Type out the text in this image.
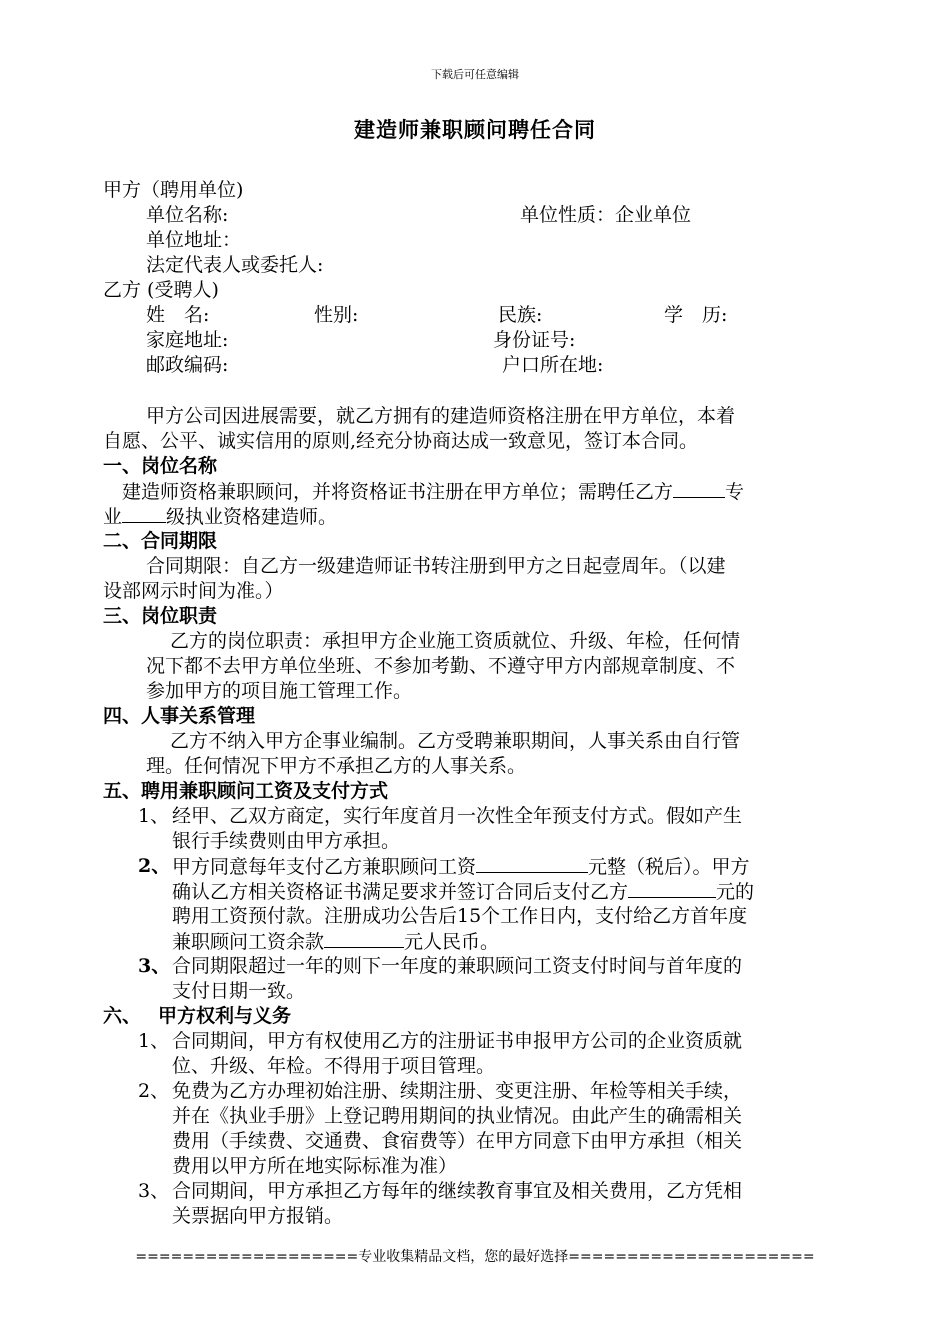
下载后可任意编辑
建造师兼职顾问聘任合同
甲方（聘用单位)
单位名称:	单位性质：企业单位
单位地址：
法定代表人或委托人:
乙方 (受聘人)
姓　名:	性别:	民族:	学　历:
家庭地址:	身份证号:
邮政编码:	户口所在地:
甲方公司因进展需要，就乙方拥有的建造师资格注册在甲方单位，本着
自愿、公平、诚实信用的原则,经充分协商达成一致意见，签订本合同。
一、岗位名称
建造师资格兼职顾问，并将资格证书注册在甲方单位；需聘任乙方	专
业 级执业资格建造师。
二、合同期限
合同期限：自乙方一级建造师证书转注册到甲方之日起壹周年。（以建
设部网示时间为准。）
三、岗位职责
乙方的岗位职责：承担甲方企业施工资质就位、升级、年检，任何情
况下都不去甲方单位坐班、不参加考勤、不遵守甲方内部规章制度、不
参加甲方的项目施工管理工作。
四、人事关系管理
乙方不纳入甲方企事业编制。乙方受聘兼职期间，人事关系由自行管
理。任何情况下甲方不承担乙方的人事关系。
五、聘用兼职顾问工资及支付方式
1、 经甲、乙双方商定，实行年度首月一次性全年预支付方式。假如产生
银行手续费则由甲方承担。
2、 甲方同意每年支付乙方兼职顾问工资	元整（税后）。甲方
确认乙方相关资格证书满足要求并签订合同后支付乙方	元的
聘用工资预付款。注册成功公告后15个工作日内，支付给乙方首年度
兼职顾问工资余款	元人民币。
3、 合同期限超过一年的则下一年度的兼职顾问工资支付时间与首年度的
支付日期一致。
六、 甲方权利与义务
1、 合同期间，甲方有权使用乙方的注册证书申报甲方公司的企业资质就
位、升级、年检。不得用于项目管理。
2、 免费为乙方办理初始注册、续期注册、变更注册、年检等相关手续，
并在《执业手册》上登记聘用期间的执业情况。由此产生的确需相关
费用（手续费、交通费、食宿费等）在甲方同意下由甲方承担（相关
费用以甲方所在地实际标准为准）
3、 合同期间，甲方承担乙方每年的继续教育事宜及相关费用，乙方凭相
关票据向甲方报销。
===================专业收集精品文档，您的最好选择=====================
